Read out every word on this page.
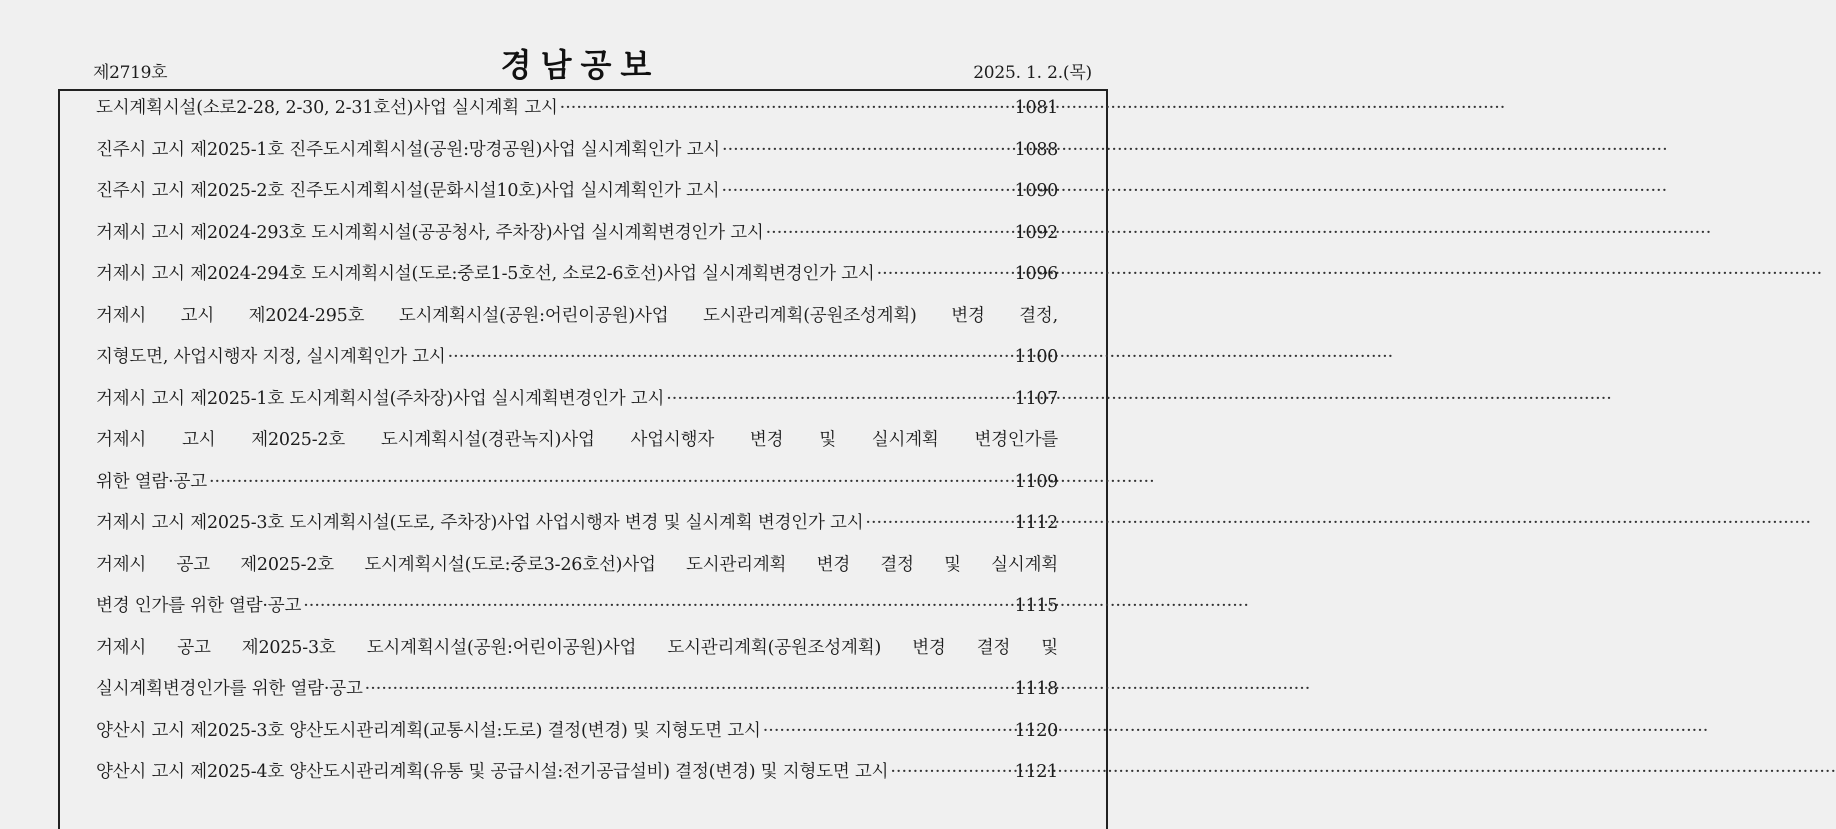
제2719호	경남공보	2025. 1. 2.(목)
도시계획시설(소로2-28, 2-30, 2-31호선)사업 실시계획 고시 ·····	1081
진주시 고시 제2025-1호 진주도시계획시설(공원:망경공원)사업 실시계획인가 고시 ·····	1088
진주시 고시 제2025-2호 진주도시계획시설(문화시설10호)사업 실시계획인가 고시 ·····	1090
거제시 고시 제2024-293호 도시계획시설(공공청사, 주차장)사업 실시계획변경인가 고시 ·····	1092
거제시 고시 제2024-294호 도시계획시설(도로:중로1-5호선, 소로2-6호선)사업 실시계획변경인가 고시 ·····	1096
거제시 고시 제2024-295호 도시계획시설(공원:어린이공원)사업 도시관리계획(공원조성계획) 변경 결정,
지형도면, 사업시행자 지정, 실시계획인가 고시 ·····	1100
거제시 고시 제2025-1호 도시계획시설(주차장)사업 실시계획변경인가 고시 ·····	1107
거제시 고시 제2025-2호 도시계획시설(경관녹지)사업 사업시행자 변경 및 실시계획 변경인가를
위한 열람·공고 ·····	1109
거제시 고시 제2025-3호 도시계획시설(도로, 주차장)사업 사업시행자 변경 및 실시계획 변경인가 고시 ·····	1112
거제시 공고 제2025-2호 도시계획시설(도로:중로3-26호선)사업 도시관리계획 변경 결정 및 실시계획
변경 인가를 위한 열람·공고 ·····	1115
거제시 공고 제2025-3호 도시계획시설(공원:어린이공원)사업 도시관리계획(공원조성계획) 변경 결정 및
실시계획변경인가를 위한 열람·공고 ·····	1118
양산시 고시 제2025-3호 양산도시관리계획(교통시설:도로) 결정(변경) 및 지형도면 고시 ·····	1120
양산시 고시 제2025-4호 양산도시관리계획(유통 및 공급시설:전기공급설비) 결정(변경) 및 지형도면 고시 ·····	1121
